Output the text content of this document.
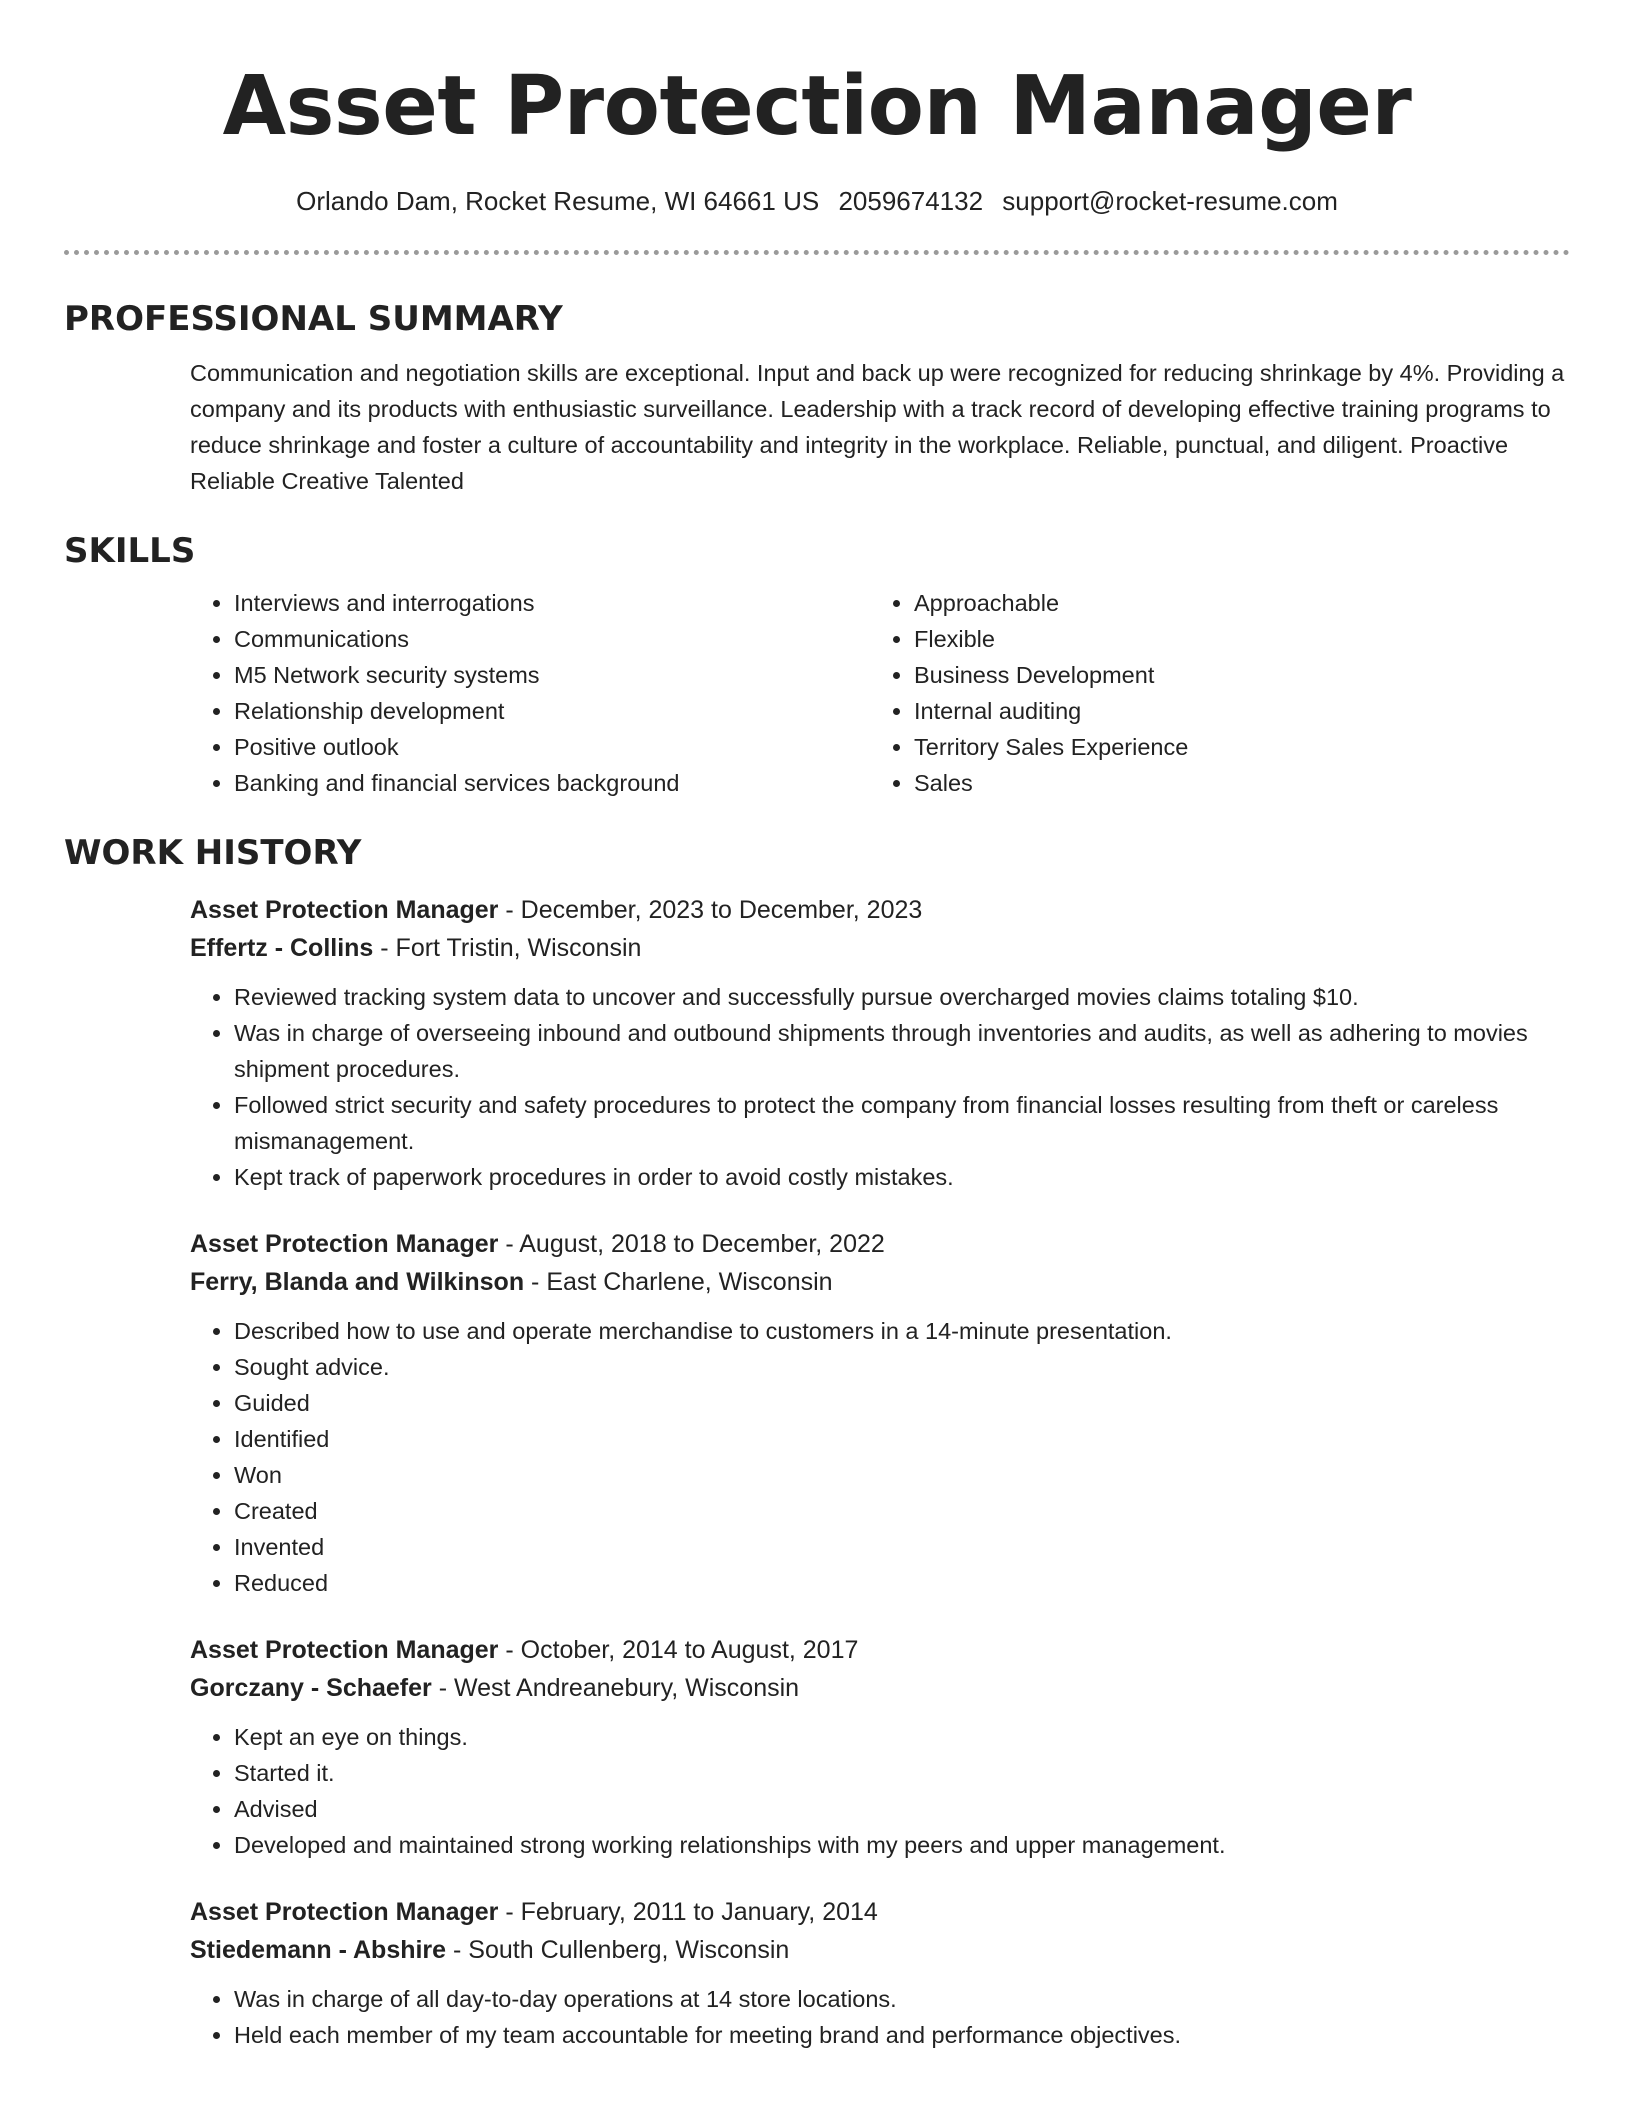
Asset Protection Manager
Orlando Dam, Rocket Resume, WI 64661 US 2059674132 support@rocket-resume.com
PROFESSIONAL SUMMARY

Communication and negotiation skills are exceptional. Input and back up were recognized for reducing shrinkage by 4%. Providing a company and its products with enthusiastic surveillance. Leadership with a track record of developing effective training programs to reduce shrinkage and foster a culture of accountability and integrity in the workplace. Reliable, punctual, and diligent. Proactive Reliable Creative Talented

SKILLS
• Interviews and interrogations
• Communications
• M5 Network security systems
• Relationship development
• Positive outlook
• Banking and financial services background
• Approachable
• Flexible
• Business Development
• Internal auditing
• Territory Sales Experience
• Sales
WORK HISTORY
Asset Protection Manager - December, 2023 to December, 2023
Effertz - Collins - Fort Tristin, Wisconsin
• Reviewed tracking system data to uncover and successfully pursue overcharged movies claims totaling $10.
• Was in charge of overseeing inbound and outbound shipments through inventories and audits, as well as adhering to movies shipment procedures.
• Followed strict security and safety procedures to protect the company from financial losses resulting from theft or careless mismanagement.
• Kept track of paperwork procedures in order to avoid costly mistakes.
Asset Protection Manager - August, 2018 to December, 2022
Ferry, Blanda and Wilkinson - East Charlene, Wisconsin
• Described how to use and operate merchandise to customers in a 14-minute presentation.
• Sought advice.
• Guided
• Identified
• Won
• Created
• Invented
• Reduced
Asset Protection Manager - October, 2014 to August, 2017
Gorczany - Schaefer - West Andreanebury, Wisconsin
• Kept an eye on things.
• Started it.
• Advised
• Developed and maintained strong working relationships with my peers and upper management.
Asset Protection Manager - February, 2011 to January, 2014
Stiedemann - Abshire - South Cullenberg, Wisconsin
• Was in charge of all day-to-day operations at 14 store locations.
• Held each member of my team accountable for meeting brand and performance objectives.
